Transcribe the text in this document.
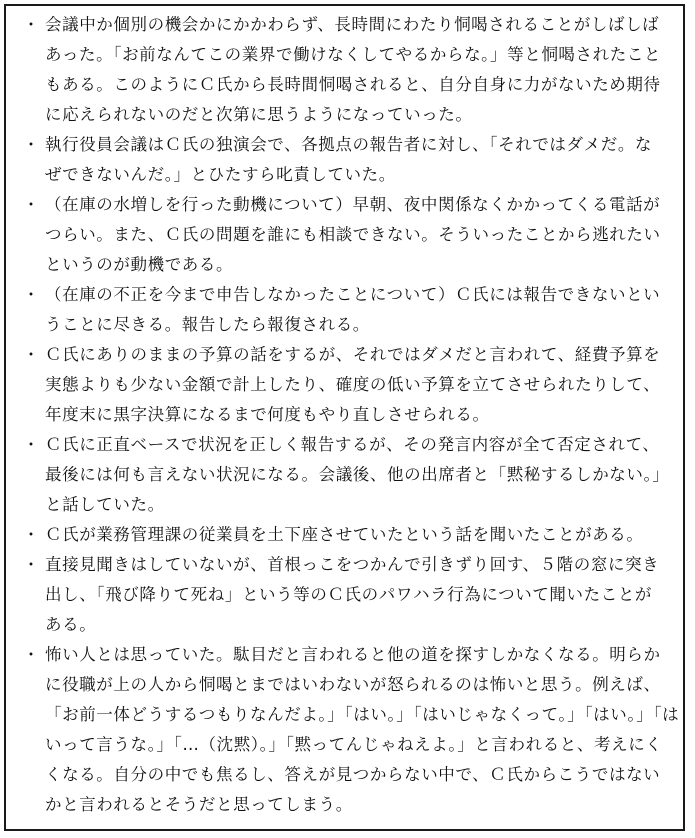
・ 会議中か個別の機会かにかかわらず、長時間にわたり恫喝されることがしばしば
あった。「お前なんてこの業界で働けなくしてやるからな。」等と恫喝されたこと
もある。このようにＣ氏から長時間恫喝されると、自分自身に力がないため期待
に応えられないのだと次第に思うようになっていった。
・ 執行役員会議はＣ氏の独演会で、各拠点の報告者に対し、「それではダメだ。な
ぜできないんだ。」とひたすら叱責していた。
・ （在庫の水増しを行った動機について）早朝、夜中関係なくかかってくる電話が
つらい。また、Ｃ氏の問題を誰にも相談できない。そういったことから逃れたい
というのが動機である。
・ （在庫の不正を今まで申告しなかったことについて）Ｃ氏には報告できないとい
うことに尽きる。報告したら報復される。
・ Ｃ氏にありのままの予算の話をするが、それではダメだと言われて、経費予算を
実態よりも少ない金額で計上したり、確度の低い予算を立てさせられたりして、
年度末に黒字決算になるまで何度もやり直しさせられる。
・ Ｃ氏に正直ベースで状況を正しく報告するが、その発言内容が全て否定されて、
最後には何も言えない状況になる。会議後、他の出席者と「黙秘するしかない。」
と話していた。
・ Ｃ氏が業務管理課の従業員を土下座させていたという話を聞いたことがある。
・ 直接見聞きはしていないが、首根っこをつかんで引きずり回す、５階の窓に突き
出し、「飛び降りて死ね」という等のＣ氏のパワハラ行為について聞いたことが
ある。
・ 怖い人とは思っていた。駄目だと言われると他の道を探すしかなくなる。明らか
に役職が上の人から恫喝とまではいわないが怒られるのは怖いと思う。例えば、
「お前一体どうするつもりなんだよ。」「はい。」「はいじゃなくって。」「はい。」「は
いって言うな。」「…（沈黙）。」「黙ってんじゃねえよ。」と言われると、考えにく
くなる。自分の中でも焦るし、答えが見つからない中で、Ｃ氏からこうではない
かと言われるとそうだと思ってしまう。
